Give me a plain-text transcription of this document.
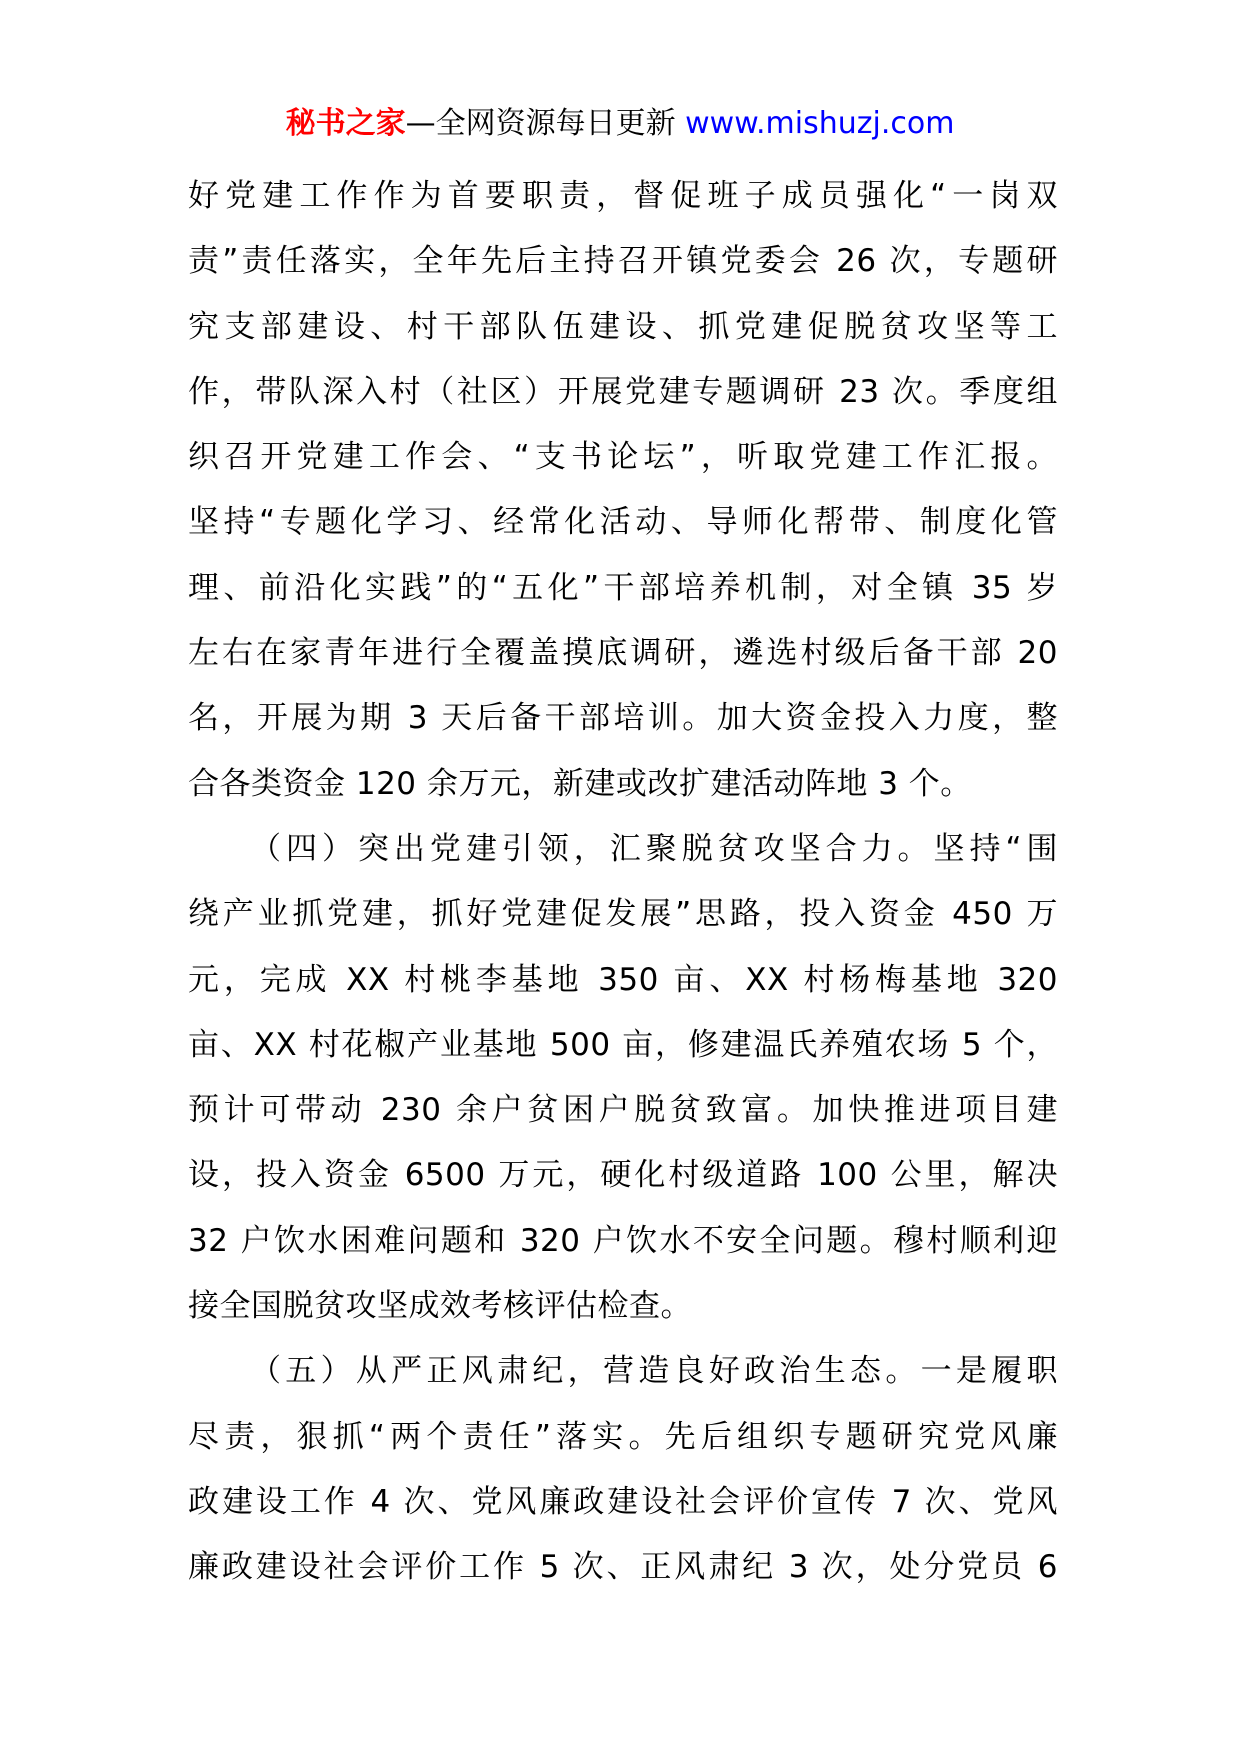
秘书之家—全网资源每日更新 www.mishuzj.com
好党建工作作为首要职责，督促班子成员强化“一岗双
责”责任落实，全年先后主持召开镇党委会 26 次，专题研
究支部建设、村干部队伍建设、抓党建促脱贫攻坚等工
作，带队深入村（社区）开展党建专题调研 23 次。季度组
织召开党建工作会、“支书论坛”，听取党建工作汇报。
坚持“专题化学习、经常化活动、导师化帮带、制度化管
理、前沿化实践”的“五化”干部培养机制，对全镇 35 岁
左右在家青年进行全覆盖摸底调研，遴选村级后备干部 20
名，开展为期 3 天后备干部培训。加大资金投入力度，整
合各类资金 120 余万元，新建或改扩建活动阵地 3 个。
（四）突出党建引领，汇聚脱贫攻坚合力。坚持“围
绕产业抓党建，抓好党建促发展”思路，投入资金 450 万
元，完成 XX 村桃李基地 350 亩、XX 村杨梅基地 320
亩、XX 村花椒产业基地 500 亩，修建温氏养殖农场 5 个，
预计可带动 230 余户贫困户脱贫致富。加快推进项目建
设，投入资金 6500 万元，硬化村级道路 100 公里，解决
32 户饮水困难问题和 320 户饮水不安全问题。穆村顺利迎
接全国脱贫攻坚成效考核评估检查。
（五）从严正风肃纪，营造良好政治生态。一是履职
尽责，狠抓“两个责任”落实。先后组织专题研究党风廉
政建设工作 4 次、党风廉政建设社会评价宣传 7 次、党风
廉政建设社会评价工作 5 次、正风肃纪 3 次，处分党员 6
